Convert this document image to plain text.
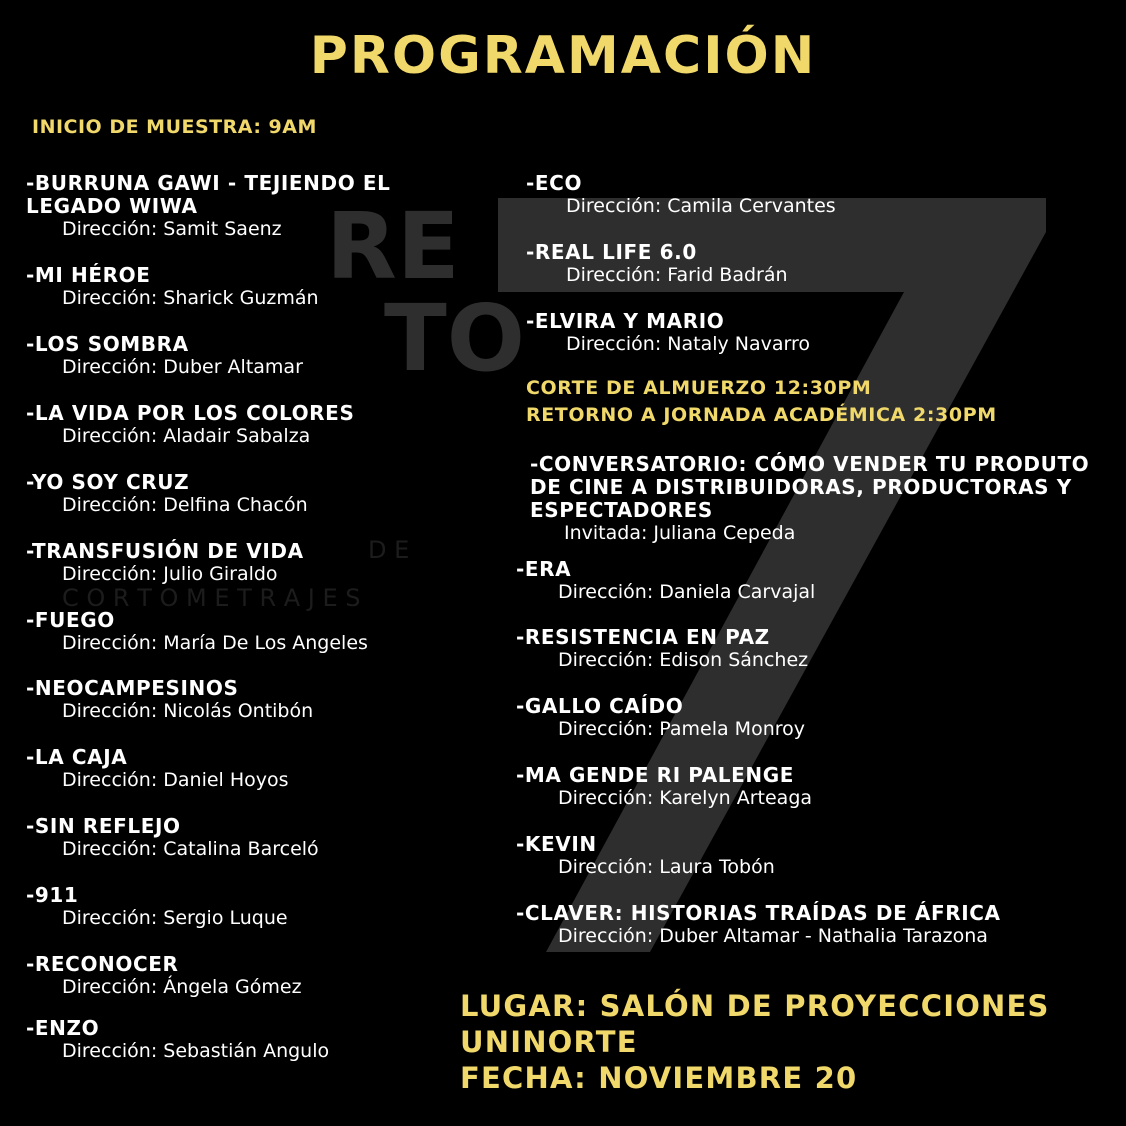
RE
TO
D E
C O R T O M E T R A J E S
PROGRAMACIÓN
INICIO DE MUESTRA: 9AM
-BURRUNA GAWI - TEJIENDO EL LEGADO WIWA
Dirección: Samit Saenz
-MI HÉROE
Dirección: Sharick Guzmán
-LOS SOMBRA
Dirección: Duber Altamar
-LA VIDA POR LOS COLORES
Dirección: Aladair Sabalza
-YO SOY CRUZ
Dirección: Delfina Chacón
-TRANSFUSIÓN DE VIDA
Dirección: Julio Giraldo
-FUEGO
Dirección: María De Los Angeles
-NEOCAMPESINOS
Dirección: Nicolás Ontibón
-LA CAJA
Dirección: Daniel Hoyos
-SIN REFLEJO
Dirección: Catalina Barceló
-911
Dirección: Sergio Luque
-RECONOCER
Dirección: Ángela Gómez
-ENZO
Dirección: Sebastián Angulo
-ECO
Dirección: Camila Cervantes
-REAL LIFE 6.0
Dirección: Farid Badrán
-ELVIRA Y MARIO
Dirección: Nataly Navarro
CORTE DE ALMUERZO 12:30PM
RETORNO A JORNADA ACADÉMICA 2:30PM
-CONVERSATORIO: CÓMO VENDER TU PRODUTO DE CINE A DISTRIBUIDORAS, PRODUCTORAS Y ESPECTADORES
Invitada: Juliana Cepeda
-ERA
Dirección: Daniela Carvajal
-RESISTENCIA EN PAZ
Dirección: Edison Sánchez
-GALLO CAÍDO
Dirección: Pamela Monroy
-MA GENDE RI PALENGE
Dirección: Karelyn Arteaga
-KEVIN
Dirección: Laura Tobón
-CLAVER: HISTORIAS TRAÍDAS DE ÁFRICA
Dirección: Duber Altamar - Nathalia Tarazona
LUGAR: SALÓN DE PROYECCIONES
UNINORTE
FECHA: NOVIEMBRE 20
